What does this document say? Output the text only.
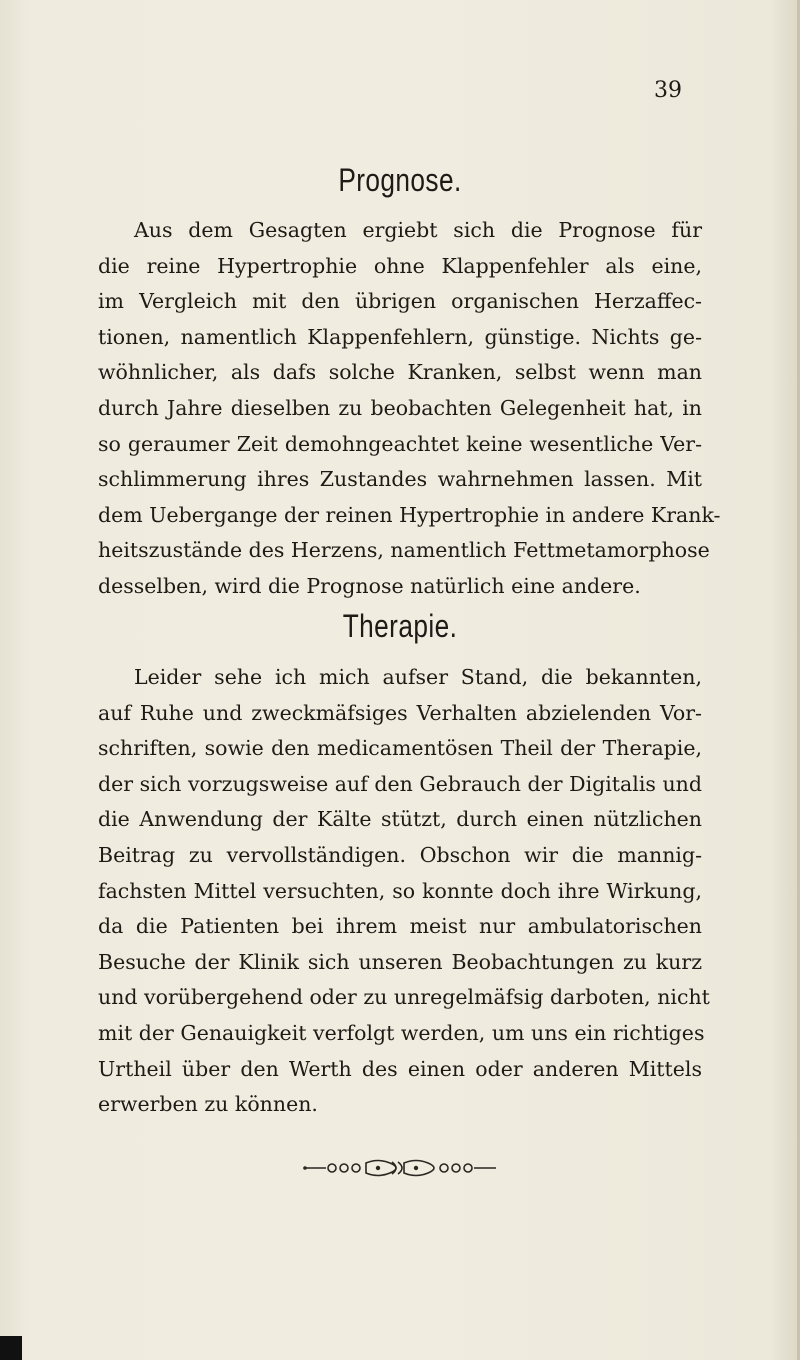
39
Prognose.
Aus dem Gesagten ergiebt sich die Prognose für
die reine Hypertrophie ohne Klappenfehler als eine,
im Vergleich mit den übrigen organischen Herzaffec-
tionen, namentlich Klappenfehlern, günstige. Nichts ge-
wöhnlicher, als dafs solche Kranken, selbst wenn man
durch Jahre dieselben zu beobachten Gelegenheit hat, in
so geraumer Zeit demohngeachtet keine wesentliche Ver-
schlimmerung ihres Zustandes wahrnehmen lassen. Mit
dem Uebergange der reinen Hypertrophie in andere Krank-
heitszustände des Herzens, namentlich Fettmetamorphose
desselben, wird die Prognose natürlich eine andere.
Therapie.
Leider sehe ich mich aufser Stand, die bekannten,
auf Ruhe und zweckmäfsiges Verhalten abzielenden Vor-
schriften, sowie den medicamentösen Theil der Therapie,
der sich vorzugsweise auf den Gebrauch der Digitalis und
die Anwendung der Kälte stützt, durch einen nützlichen
Beitrag zu vervollständigen. Obschon wir die mannig-
fachsten Mittel versuchten, so konnte doch ihre Wirkung,
da die Patienten bei ihrem meist nur ambulatorischen
Besuche der Klinik sich unseren Beobachtungen zu kurz
und vorübergehend oder zu unregelmäfsig darboten, nicht
mit der Genauigkeit verfolgt werden, um uns ein richtiges
Urtheil über den Werth des einen oder anderen Mittels
erwerben zu können.
